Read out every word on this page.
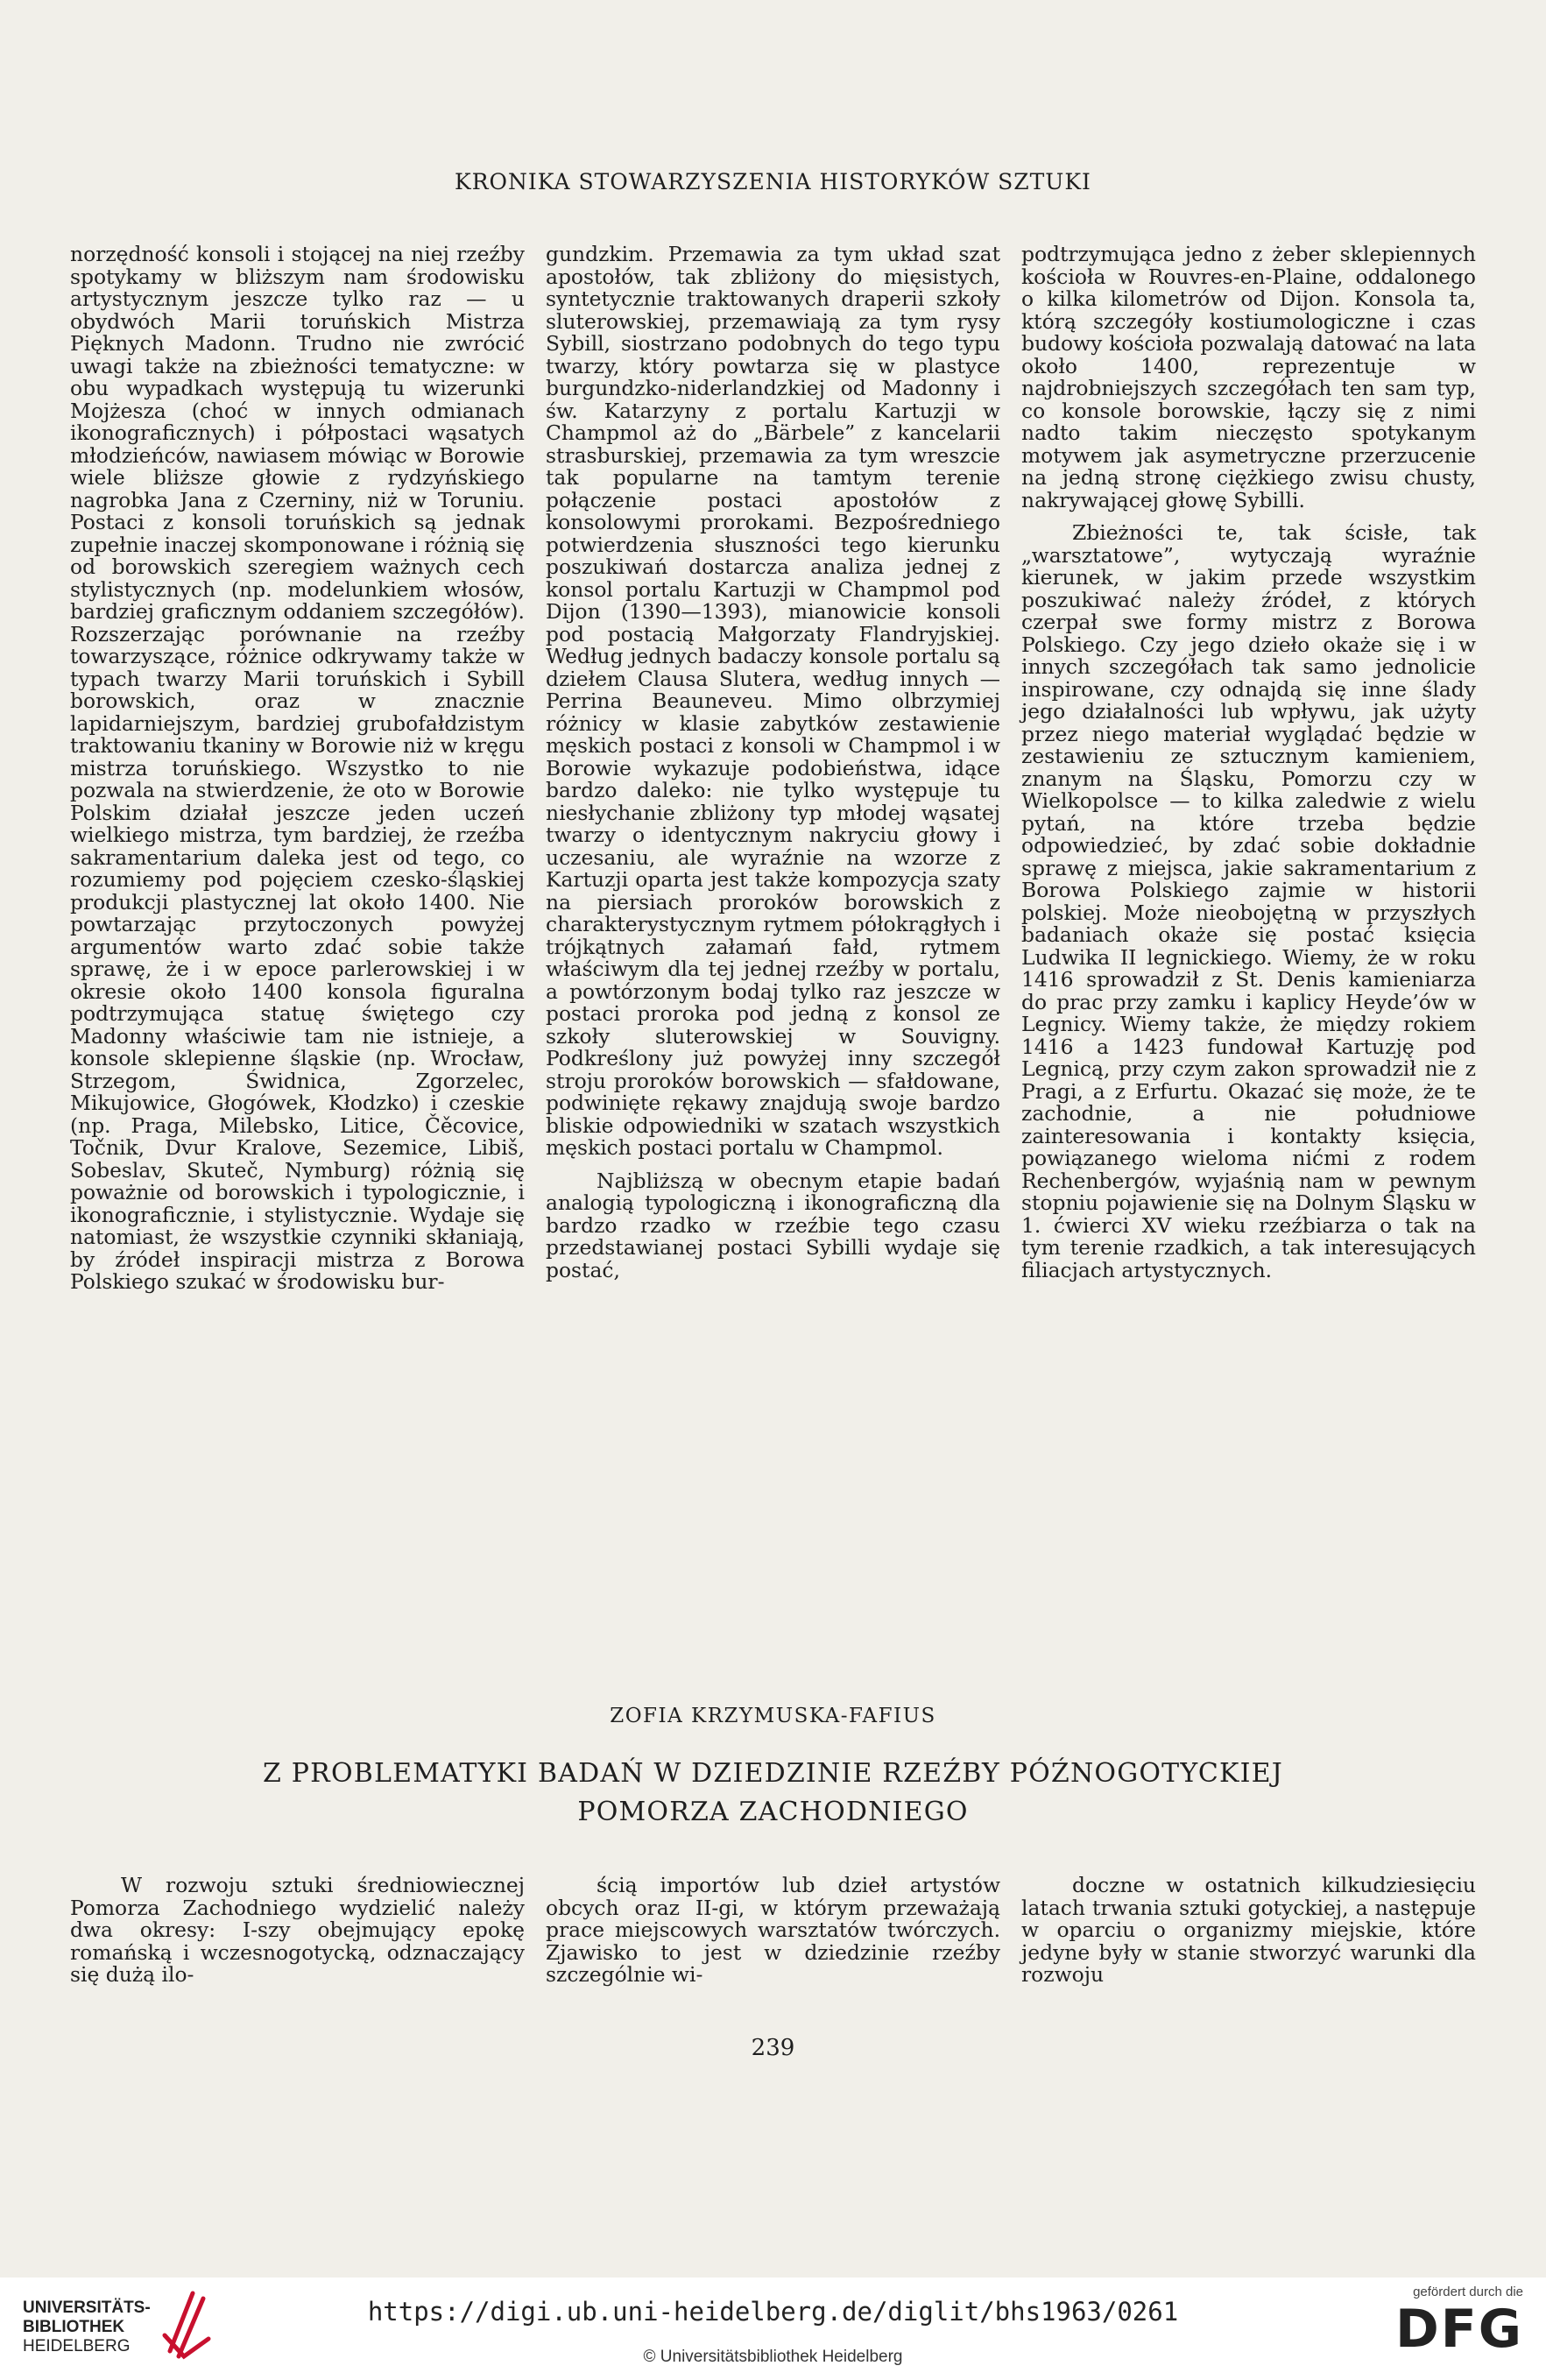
KRONIKA STOWARZYSZENIA HISTORYKÓW SZTUKI

norzędność konsoli i stojącej na niej rzeźby spotykamy w bliższym nam środowisku artystycznym jeszcze tylko raz — u obydwóch Marii toruńskich Mistrza Pięknych Madonn. Trudno nie zwrócić uwagi także na zbieżności tematyczne: w obu wypadkach występują tu wizerunki Mojżesza (choć w innych odmianach ikonograficznych) i półpostaci wąsatych młodzieńców, nawiasem mówiąc w Borowie wiele bliższe głowie z rydzyńskiego nagrobka Jana z Czerniny, niż w Toruniu. Postaci z konsoli toruńskich są jednak zupełnie inaczej skomponowane i różnią się od borowskich szeregiem ważnych cech stylistycznych (np. modelunkiem włosów, bardziej graficznym oddaniem szczegółów). Rozszerzając porównanie na rzeźby towarzyszące, różnice odkrywamy także w typach twarzy Marii toruńskich i Sybill borowskich, oraz w znacznie lapidarniejszym, bardziej grubofałdzistym traktowaniu tkaniny w Borowie niż w kręgu mistrza toruńskiego. Wszystko to nie pozwala na stwierdzenie, że oto w Borowie Polskim działał jeszcze jeden uczeń wielkiego mistrza, tym bardziej, że rzeźba sakramentarium daleka jest od tego, co rozumiemy pod pojęciem czesko-śląskiej produkcji plastycznej lat około 1400. Nie powtarzając przytoczonych powyżej argumentów warto zdać sobie także sprawę, że i w epoce parlerowskiej i w okresie około 1400 konsola figuralna podtrzymująca statuę świętego czy Madonny właściwie tam nie istnieje, a konsole sklepienne śląskie (np. Wrocław, Strzegom, Świdnica, Zgorzelec, Mikujowice, Głogówek, Kłodzko) i czeskie (np. Praga, Milebsko, Litice, Čěcovice, Točnik, Dvur Kralove, Sezemice, Libiš, Sobeslav, Skuteč, Nymburg) różnią się poważnie od borowskich i typologicznie, i ikonograficznie, i stylistycznie. Wydaje się natomiast, że wszystkie czynniki skłaniają, by źródeł inspiracji mistrza z Borowa Polskiego szukać w środowisku bur-

gundzkim. Przemawia za tym układ szat apostołów, tak zbliżony do mięsistych, syntetycznie traktowanych draperii szkoły sluterowskiej, przemawiają za tym rysy Sybill, siostrzano podobnych do tego typu twarzy, który powtarza się w plastyce burgundzko-niderlandzkiej od Madonny i św. Katarzyny z portalu Kartuzji w Champmol aż do „Bärbele” z kancelarii strasburskiej, przemawia za tym wreszcie tak popularne na tamtym terenie połączenie postaci apostołów z konsolowymi prorokami. Bezpośredniego potwierdzenia słuszności tego kierunku poszukiwań dostarcza analiza jednej z konsol portalu Kartuzji w Champmol pod Dijon (1390—1393), mianowicie konsoli pod postacią Małgorzaty Flandryjskiej. Według jednych badaczy konsole portalu są dziełem Clausa Slutera, według innych — Perrina Beauneveu. Mimo olbrzymiej różnicy w klasie zabytków zestawienie męskich postaci z konsoli w Champmol i w Borowie wykazuje podobieństwa, idące bardzo daleko: nie tylko występuje tu niesłychanie zbliżony typ młodej wąsatej twarzy o identycznym nakryciu głowy i uczesaniu, ale wyraźnie na wzorze z Kartuzji oparta jest także kompozycja szaty na piersiach proroków borowskich z charakterystycznym rytmem półokrągłych i trójkątnych załamań fałd, rytmem właściwym dla tej jednej rzeźby w portalu, a powtórzonym bodaj tylko raz jeszcze w postaci proroka pod jedną z konsol ze szkoły sluterowskiej w Souvigny. Podkreślony już powyżej inny szczegół stroju proroków borowskich — sfałdowane, podwinięte rękawy znajdują swoje bardzo bliskie odpowiedniki w szatach wszystkich męskich postaci portalu w Champmol.

Najbliższą w obecnym etapie badań analogią typologiczną i ikonograficzną dla bardzo rzadko w rzeźbie tego czasu przedstawianej postaci Sybilli wydaje się postać,

podtrzymująca jedno z żeber sklepiennych kościoła w Rouvres-en-Plaine, oddalonego o kilka kilometrów od Dijon. Konsola ta, którą szczegóły kostiumologiczne i czas budowy kościoła pozwalają datować na lata około 1400, reprezentuje w najdrobniejszych szczegółach ten sam typ, co konsole borowskie, łączy się z nimi nadto takim nieczęsto spotykanym motywem jak asymetryczne przerzucenie na jedną stronę ciężkiego zwisu chusty, nakrywającej głowę Sybilli.

Zbieżności te, tak ścisłe, tak „warsztatowe”, wytyczają wyraźnie kierunek, w jakim przede wszystkim poszukiwać należy źródeł, z których czerpał swe formy mistrz z Borowa Polskiego. Czy jego dzieło okaże się i w innych szczegółach tak samo jednolicie inspirowane, czy odnajdą się inne ślady jego działalności lub wpływu, jak użyty przez niego materiał wyglądać będzie w zestawieniu ze sztucznym kamieniem, znanym na Śląsku, Pomorzu czy w Wielkopolsce — to kilka zaledwie z wielu pytań, na które trzeba będzie odpowiedzieć, by zdać sobie dokładnie sprawę z miejsca, jakie sakramentarium z Borowa Polskiego zajmie w historii polskiej. Może nieobojętną w przyszłych badaniach okaże się postać księcia Ludwika II legnickiego. Wiemy, że w roku 1416 sprowadził z St. Denis kamieniarza do prac przy zamku i kaplicy Heyde’ów w Legnicy. Wiemy także, że między rokiem 1416 a 1423 fundował Kartuzję pod Legnicą, przy czym zakon sprowadził nie z Pragi, a z Erfurtu. Okazać się może, że te zachodnie, a nie południowe zainteresowania i kontakty księcia, powiązanego wieloma nićmi z rodem Rechenbergów, wyjaśnią nam w pewnym stopniu pojawienie się na Dolnym Śląsku w 1. ćwierci XV wieku rzeźbiarza o tak na tym terenie rzadkich, a tak interesujących filiacjach artystycznych.

ZOFIA KRZYMUSKA-FAFIUS
Z PROBLEMATYKI BADAŃ W DZIEDZINIE RZEŹBY PÓŹNOGOTYCKIEJ
POMORZA ZACHODNIEGO

W rozwoju sztuki średniowiecznej Pomorza Zachodniego wydzielić należy dwa okresy: I-szy obejmujący epokę romańską i wczesnogotycką, odznaczający się dużą ilo-

ścią importów lub dzieł artystów obcych oraz II-gi, w którym przeważają prace miejscowych warsztatów twórczych. Zjawisko to jest w dziedzinie rzeźby szczególnie wi-

doczne w ostatnich kilkudziesięciu latach trwania sztuki gotyckiej, a następuje w oparciu o organizmy miejskie, które jedyne były w stanie stworzyć warunki dla rozwoju

239
UNIVERSITÄTS-
BIBLIOTHEK
HEIDELBERG
https://digi.ub.uni-heidelberg.de/diglit/bhs1963/0261
© Universitätsbibliothek Heidelberg
gefördert durch die
DFG
